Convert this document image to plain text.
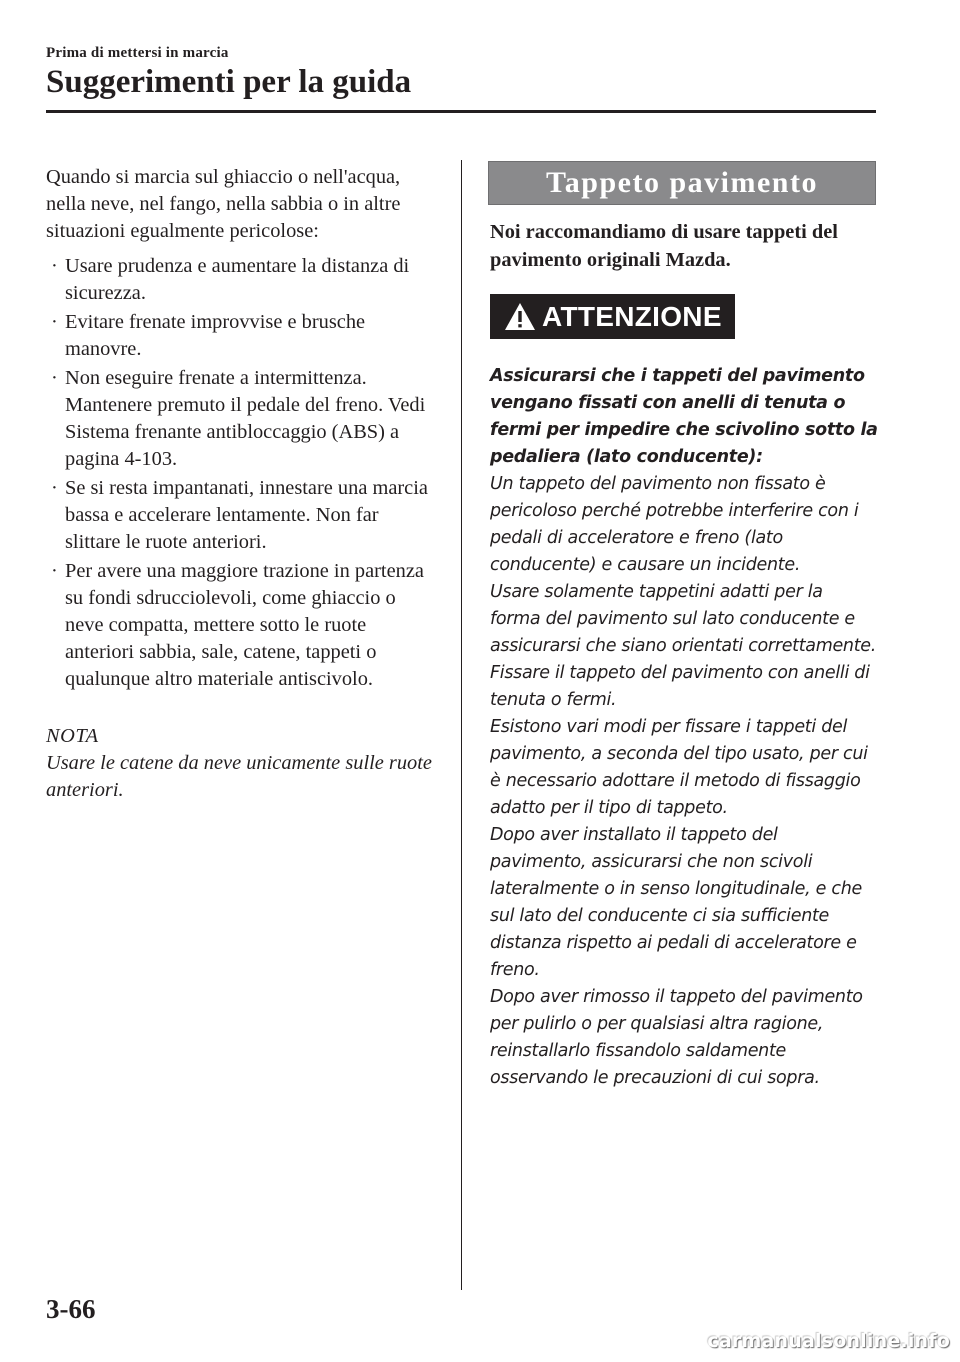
Prima di mettersi in marcia
Suggerimenti per la guida

Quando si marcia sul ghiaccio o nell'acqua, nella neve, nel fango, nella sabbia o in altre situazioni egualmente pericolose:

· Usare prudenza e aumentare la distanza di sicurezza.
· Evitare frenate improvvise e brusche manovre.
· Non eseguire frenate a intermittenza. Mantenere premuto il pedale del freno. Vedi Sistema frenante antibloccaggio (ABS) a pagina 4-103.
· Se si resta impantanati, innestare una marcia bassa e accelerare lentamente. Non far slittare le ruote anteriori.
· Per avere una maggiore trazione in partenza su fondi sdrucciolevoli, come ghiaccio o neve compatta, mettere sotto le ruote anteriori sabbia, sale, catene, tappeti o qualunque altro materiale antiscivolo.

NOTA

Usare le catene da neve unicamente sulle ruote anteriori.

Tappeto pavimento

Noi raccomandiamo di usare tappeti del pavimento originali Mazda.

ATTENZIONE

Assicurarsi che i tappeti del pavimento vengano fissati con anelli di tenuta o fermi per impedire che scivolino sotto la pedaliera (lato conducente):

Un tappeto del pavimento non fissato è pericoloso perché potrebbe interferire con i pedali di acceleratore e freno (lato conducente) e causare un incidente.

Usare solamente tappetini adatti per la forma del pavimento sul lato conducente e assicurarsi che siano orientati correttamente.

Fissare il tappeto del pavimento con anelli di tenuta o fermi.

Esistono vari modi per fissare i tappeti del pavimento, a seconda del tipo usato, per cui è necessario adottare il metodo di fissaggio adatto per il tipo di tappeto.

Dopo aver installato il tappeto del pavimento, assicurarsi che non scivoli lateralmente o in senso longitudinale, e che sul lato del conducente ci sia sufficiente distanza rispetto ai pedali di acceleratore e freno.

Dopo aver rimosso il tappeto del pavimento per pulirlo o per qualsiasi altra ragione, reinstallarlo fissandolo saldamente osservando le precauzioni di cui sopra.

3-66
carmanualsonline.info
